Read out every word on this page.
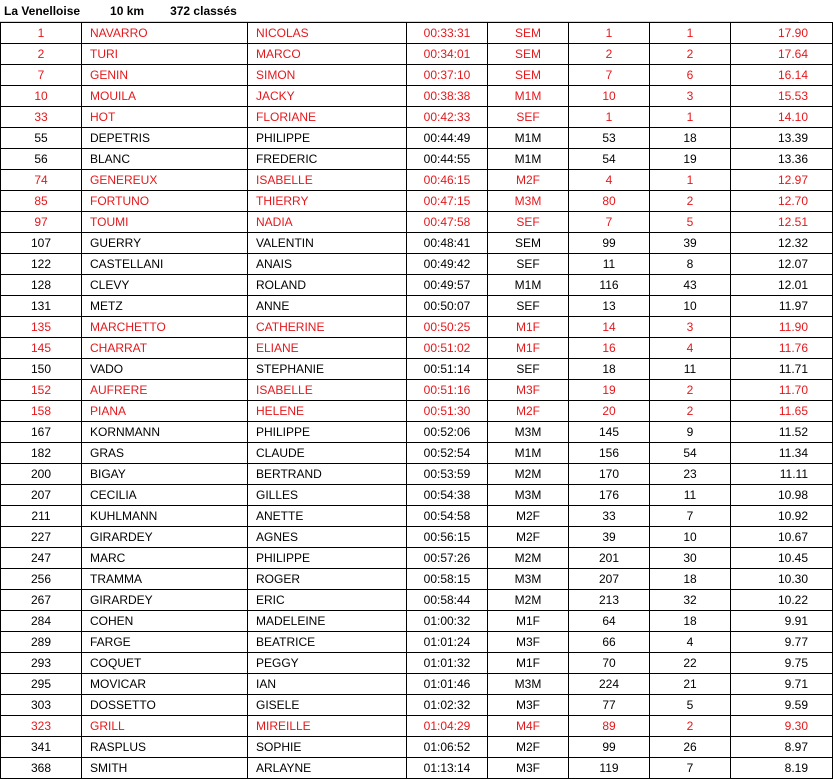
La Venelloise	10 km 372 classés
1	NAVARRO	NICOLAS	00:33:31	SEM	1	1	17.90
2	TURI	MARCO	00:34:01	SEM	2	2	17.64
7	GENIN	SIMON	00:37:10	SEM	7	6	16.14
10	MOUILA	JACKY	00:38:38	M1M	10	3	15.53
33	HOT	FLORIANE	00:42:33	SEF	1	1	14.10
55	DEPETRIS	PHILIPPE	00:44:49	M1M	53	18	13.39
56	BLANC	FREDERIC	00:44:55	M1M	54	19	13.36
74	GENEREUX	ISABELLE	00:46:15	M2F	4	1	12.97
85	FORTUNO	THIERRY	00:47:15	M3M	80	2	12.70
97	TOUMI	NADIA	00:47:58	SEF	7	5	12.51
107	GUERRY	VALENTIN	00:48:41	SEM	99	39	12.32
122	CASTELLANI	ANAIS	00:49:42	SEF	11	8	12.07
128	CLEVY	ROLAND	00:49:57	M1M	116	43	12.01
131	METZ	ANNE	00:50:07	SEF	13	10	11.97
135	MARCHETTO	CATHERINE	00:50:25	M1F	14	3	11.90
145	CHARRAT	ELIANE	00:51:02	M1F	16	4	11.76
150	VADO	STEPHANIE	00:51:14	SEF	18	11	11.71
152	AUFRERE	ISABELLE	00:51:16	M3F	19	2	11.70
158	PIANA	HELENE	00:51:30	M2F	20	2	11.65
167	KORNMANN	PHILIPPE	00:52:06	M3M	145	9	11.52
182	GRAS	CLAUDE	00:52:54	M1M	156	54	11.34
200	BIGAY	BERTRAND	00:53:59	M2M	170	23	11.11
207	CECILIA	GILLES	00:54:38	M3M	176	11	10.98
211	KUHLMANN	ANETTE	00:54:58	M2F	33	7	10.92
227	GIRARDEY	AGNES	00:56:15	M2F	39	10	10.67
247	MARC	PHILIPPE	00:57:26	M2M	201	30	10.45
256	TRAMMA	ROGER	00:58:15	M3M	207	18	10.30
267	GIRARDEY	ERIC	00:58:44	M2M	213	32	10.22
284	COHEN	MADELEINE	01:00:32	M1F	64	18	9.91
289	FARGE	BEATRICE	01:01:24	M3F	66	4	9.77
293	COQUET	PEGGY	01:01:32	M1F	70	22	9.75
295	MOVICAR	IAN	01:01:46	M3M	224	21	9.71
303	DOSSETTO	GISELE	01:02:32	M3F	77	5	9.59
323	GRILL	MIREILLE	01:04:29	M4F	89	2	9.30
341	RASPLUS	SOPHIE	01:06:52	M2F	99	26	8.97
368	SMITH	ARLAYNE	01:13:14	M3F	119	7	8.19
